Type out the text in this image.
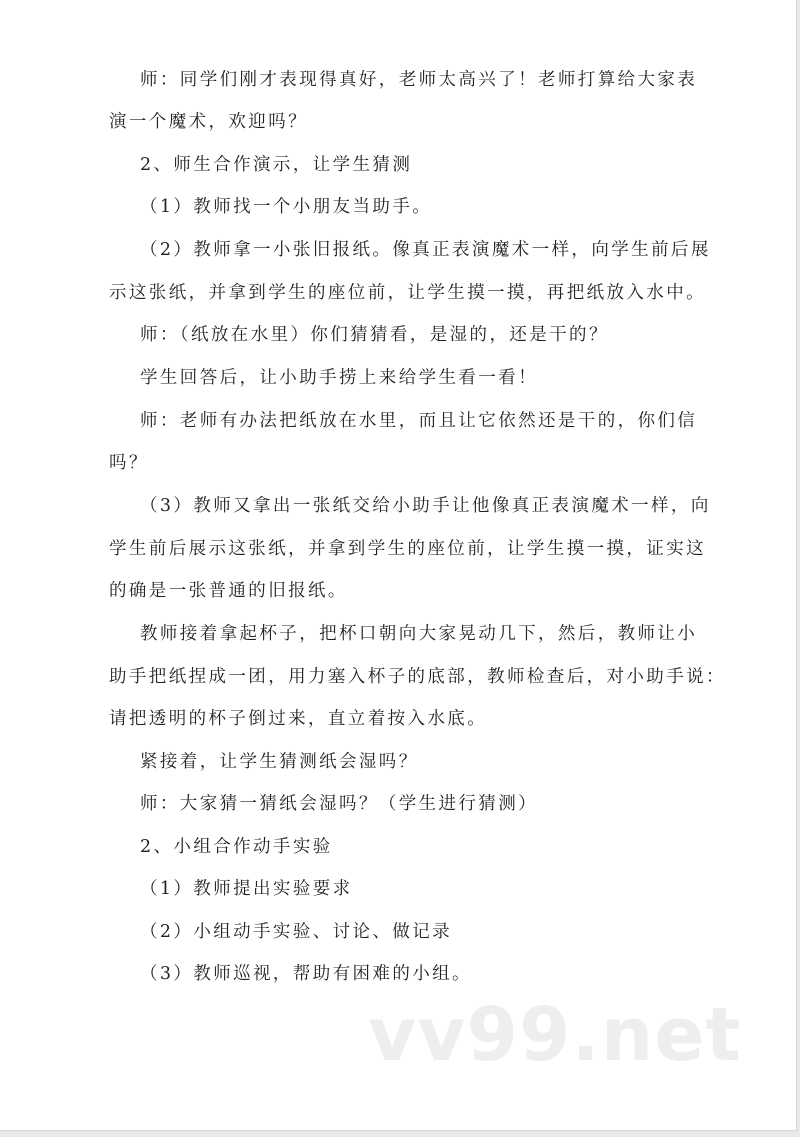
师：同学们刚才表现得真好，老师太高兴了！老师打算给大家表
演一个魔术，欢迎吗？
2、师生合作演示，让学生猜测
（1）教师找一个小朋友当助手。
（2）教师拿一小张旧报纸。像真正表演魔术一样，向学生前后展
示这张纸，并拿到学生的座位前，让学生摸一摸，再把纸放入水中。
师：（纸放在水里）你们猜猜看，是湿的，还是干的？
学生回答后，让小助手捞上来给学生看一看！
师：老师有办法把纸放在水里，而且让它依然还是干的，你们信
吗？
（3）教师又拿出一张纸交给小助手让他像真正表演魔术一样，向
学生前后展示这张纸，并拿到学生的座位前，让学生摸一摸，证实这
的确是一张普通的旧报纸。
教师接着拿起杯子，把杯口朝向大家晃动几下，然后，教师让小
助手把纸捏成一团，用力塞入杯子的底部，教师检查后，对小助手说：
请把透明的杯子倒过来，直立着按入水底。
紧接着，让学生猜测纸会湿吗？
师：大家猜一猜纸会湿吗？（学生进行猜测）
2、小组合作动手实验
（1）教师提出实验要求
（2）小组动手实验、讨论、做记录
（3）教师巡视，帮助有困难的小组。
vv99.net
